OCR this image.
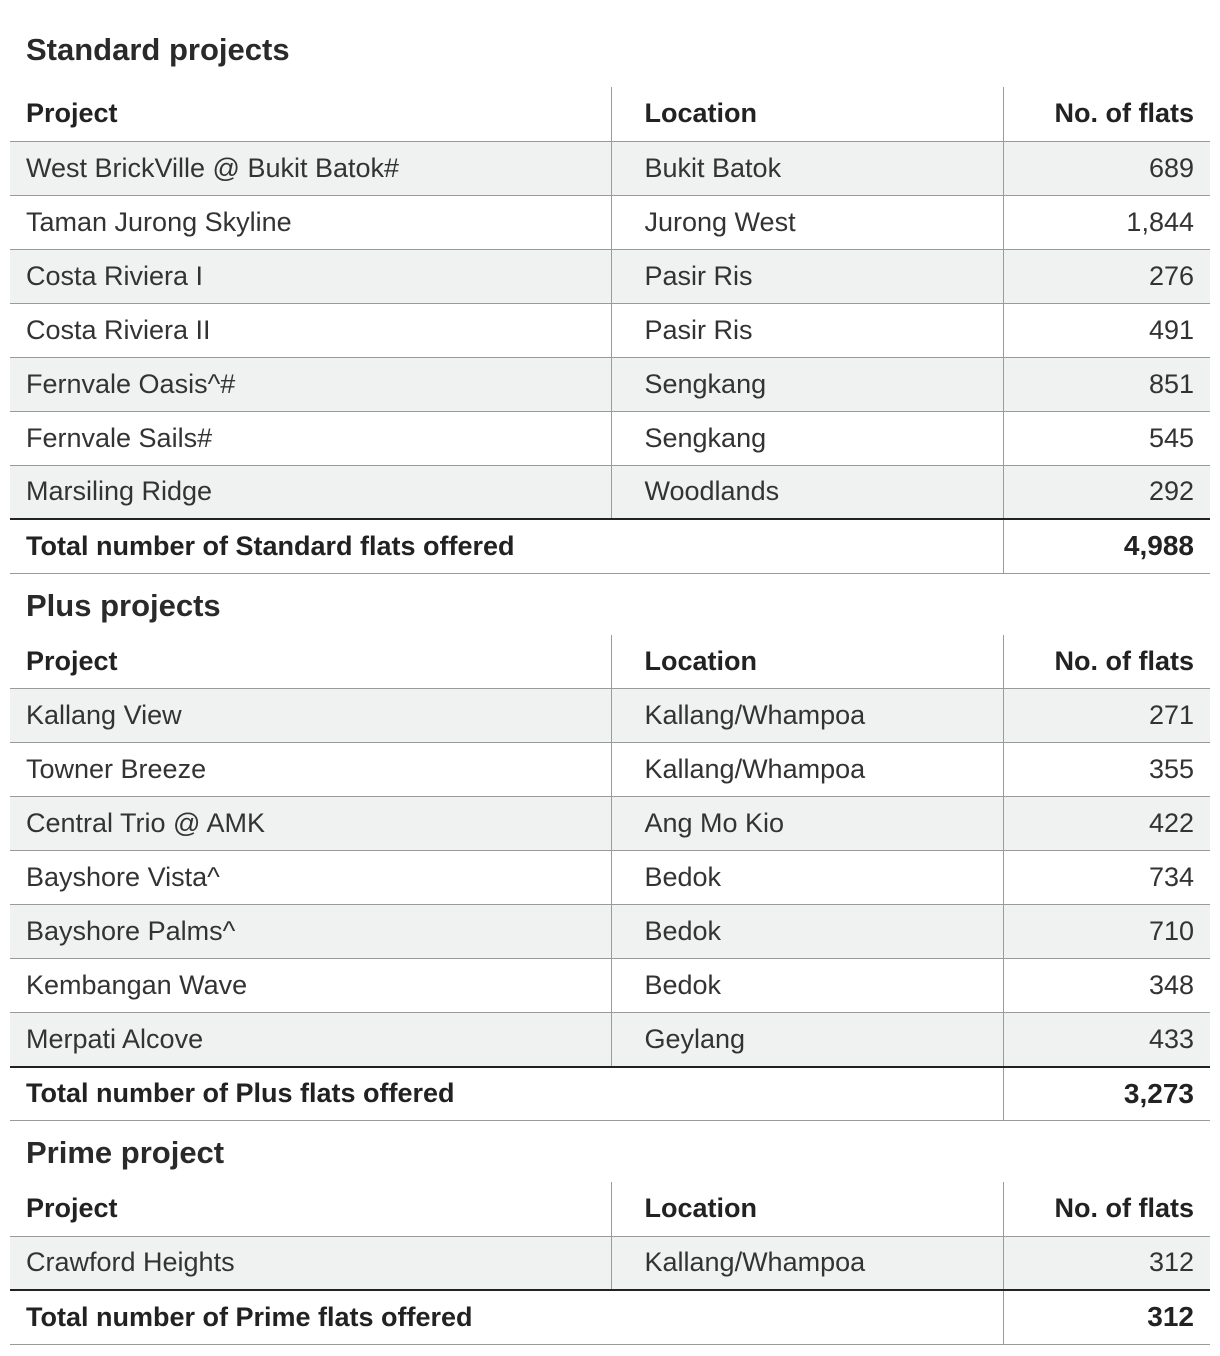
Standard projects
Project	Location	No. of flats
West BrickVille @ Bukit Batok#	Bukit Batok	689
Taman Jurong Skyline	Jurong West	1,844
Costa Riviera I	Pasir Ris	276
Costa Riviera II	Pasir Ris	491
Fernvale Oasis^#	Sengkang	851
Fernvale Sails#	Sengkang	545
Marsiling Ridge	Woodlands	292
Total number of Standard flats offered		4,988
Plus projects
Project	Location	No. of flats
Kallang View	Kallang/Whampoa	271
Towner Breeze	Kallang/Whampoa	355
Central Trio @ AMK	Ang Mo Kio	422
Bayshore Vista^	Bedok	734
Bayshore Palms^	Bedok	710
Kembangan Wave	Bedok	348
Merpati Alcove	Geylang	433
Total number of Plus flats offered		3,273
Prime project
Project	Location	No. of flats
Crawford Heights	Kallang/Whampoa	312
Total number of Prime flats offered		312
